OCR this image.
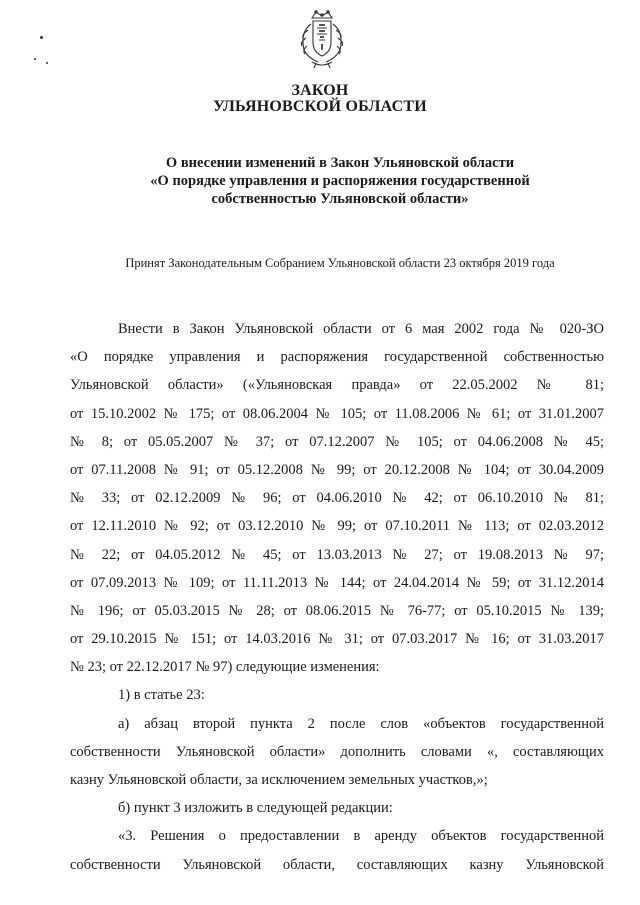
ЗАКОН
УЛЬЯНОВСКОЙ ОБЛАСТИ
О внесении изменений в Закон Ульяновской области
«О порядке управления и распоряжения государственной
собственностью Ульяновской области»
Принят Законодательным Собранием Ульяновской области 23 октября 2019 года
Внести в Закон Ульяновской области от 6 мая 2002 года № 020-ЗО
«О порядке управления и распоряжения государственной собственностью
Ульяновской области» («Ульяновская правда» от 22.05.2002 № 81;
от 15.10.2002 № 175; от 08.06.2004 № 105; от 11.08.2006 № 61; от 31.01.2007
№ 8; от 05.05.2007 № 37; от 07.12.2007 № 105; от 04.06.2008 № 45;
от 07.11.2008 № 91; от 05.12.2008 № 99; от 20.12.2008 № 104; от 30.04.2009
№ 33; от 02.12.2009 № 96; от 04.06.2010 № 42; от 06.10.2010 № 81;
от 12.11.2010 № 92; от 03.12.2010 № 99; от 07.10.2011 № 113; от 02.03.2012
№ 22; от 04.05.2012 № 45; от 13.03.2013 № 27; от 19.08.2013 № 97;
от 07.09.2013 № 109; от 11.11.2013 № 144; от 24.04.2014 № 59; от 31.12.2014
№ 196; от 05.03.2015 № 28; от 08.06.2015 № 76-77; от 05.10.2015 № 139;
от 29.10.2015 № 151; от 14.03.2016 № 31; от 07.03.2017 № 16; от 31.03.2017
№ 23; от 22.12.2017 № 97) следующие изменения:
1) в статье 23:
а) абзац второй пункта 2 после слов «объектов государственной
собственности Ульяновской области» дополнить словами «, составляющих
казну Ульяновской области, за исключением земельных участков,»;
б) пункт 3 изложить в следующей редакции:
«3. Решения о предоставлении в аренду объектов государственной
собственности Ульяновской области, составляющих казну Ульяновской
